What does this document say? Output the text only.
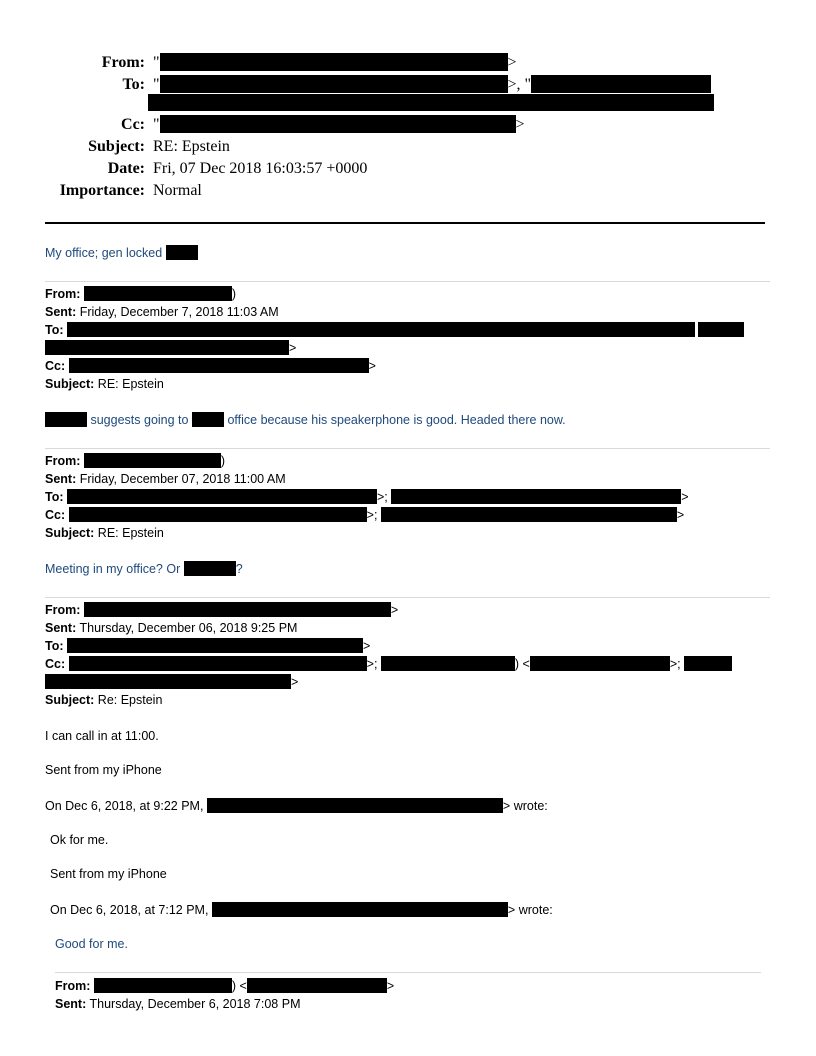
From:  "	>
To:  "	>, "
Cc:  "	>
Subject: RE: Epstein
Date: Fri, 07 Dec 2018 16:03:57 +0000
Importance: Normal
My office; gen locked
From:	)
Sent: Friday, December 7, 2018 11:03 AM
To:
>
Cc:	>
Subject: RE: Epstein
suggests going to	office because his speakerphone is good. Headed there now.
From:	)
Sent: Friday, December 07, 2018 11:00 AM
To:	>;	>
Cc:	>;	>
Subject: RE: Epstein
Meeting in my office? Or	?
From:	>
Sent: Thursday, December 06, 2018 9:25 PM
To:	>
Cc:	>;	) <	>;
>
Subject: Re: Epstein
I can call in at 11:00.
Sent from my iPhone
On Dec 6, 2018, at 9:22 PM,	> wrote:
Ok for me.
Sent from my iPhone
On Dec 6, 2018, at 7:12 PM,	> wrote:
Good for me.
From:	) <	>
Sent: Thursday, December 6, 2018 7:08 PM
